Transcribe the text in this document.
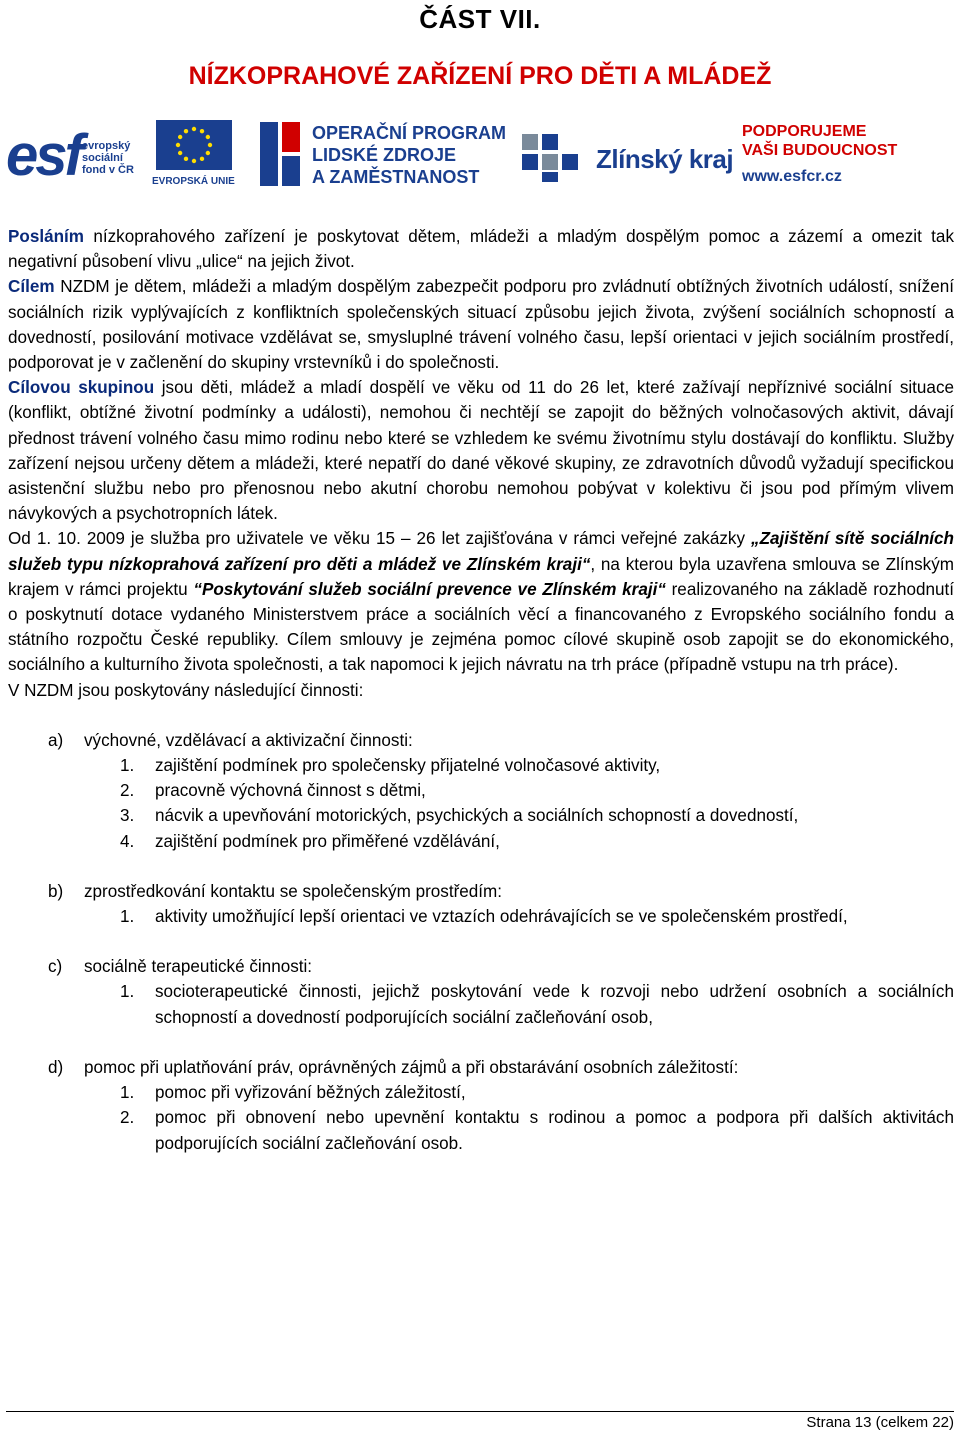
ČÁST VII.
NÍZKOPRAHOVÉ ZAŘÍZENÍ PRO DĚTI A MLÁDEŽ
esf evropský
sociální
fond v ČR
EVROPSKÁ UNIE
OPERAČNÍ PROGRAM
LIDSKÉ ZDROJE
A ZAMĚSTNANOST
Zlínský kraj
PODPORUJEME
VAŠI BUDOUCNOST
www.esfcr.cz

Posláním nízkoprahového zařízení je poskytovat dětem, mládeži a mladým dospělým pomoc a zázemí a omezit tak negativní působení vlivu „ulice“ na jejich život.

Cílem NZDM je dětem, mládeži a mladým dospělým zabezpečit podporu pro zvládnutí obtížných životních událostí, snížení sociálních rizik vyplývajících z konfliktních společenských situací způsobu jejich života, zvýšení sociálních schopností a dovedností, posilování motivace vzdělávat se, smysluplné trávení volného času, lepší orientaci v jejich sociálním prostředí, podporovat je v začlenění do skupiny vrstevníků i do společnosti.

Cílovou skupinou jsou děti, mládež a mladí dospělí ve věku od 11 do 26 let, které zažívají nepříznivé sociální situace (konflikt, obtížné životní podmínky a události), nemohou či nechtějí se zapojit do běžných volnočasových aktivit, dávají přednost trávení volného času mimo rodinu nebo které se vzhledem ke svému životnímu stylu dostávají do konfliktu. Služby zařízení nejsou určeny dětem a mládeži, které nepatří do dané věkové skupiny, ze zdravotních důvodů vyžadují specifickou asistenční službu nebo pro přenosnou nebo akutní chorobu nemohou pobývat v kolektivu či jsou pod přímým vlivem návykových a psychotropních látek.

Od 1. 10. 2009 je služba pro uživatele ve věku 15 – 26 let zajišťována v rámci veřejné zakázky „Zajištění sítě sociálních služeb typu nízkoprahová zařízení pro děti a mládež ve Zlínském kraji“, na kterou byla uzavřena smlouva se Zlínským krajem v rámci projektu “Poskytování služeb sociální prevence ve Zlínském kraji“ realizovaného na základě rozhodnutí o poskytnutí dotace vydaného Ministerstvem práce a sociálních věcí a financovaného z Evropského sociálního fondu a státního rozpočtu České republiky. Cílem smlouvy je zejména pomoc cílové skupině osob zapojit se do ekonomického, sociálního a kulturního života společnosti, a tak napomoci k jejich návratu na trh práce (případně vstupu na trh práce).

V NZDM jsou poskytovány následující činnosti:

a) výchovné, vzdělávací a aktivizační činnosti:
1. zajištění podmínek pro společensky přijatelné volnočasové aktivity,
2. pracovně výchovná činnost s dětmi,
3. nácvik a upevňování motorických, psychických a sociálních schopností a dovedností,
4. zajištění podmínek pro přiměřené vzdělávání,
b) zprostředkování kontaktu se společenským prostředím:
1. aktivity umožňující lepší orientaci ve vztazích odehrávajících se ve společenském prostředí,
c) sociálně terapeutické činnosti:
1. socioterapeutické činnosti, jejichž poskytování vede k rozvoji nebo udržení osobních a sociálních schopností a dovedností podporujících sociální začleňování osob,
d) pomoc při uplatňování práv, oprávněných zájmů a při obstarávání osobních záležitostí:
1. pomoc při vyřizování běžných záležitostí,
2. pomoc při obnovení nebo upevnění kontaktu s rodinou a pomoc a podpora při dalších aktivitách podporujících sociální začleňování osob.
Strana 13 (celkem 22)
